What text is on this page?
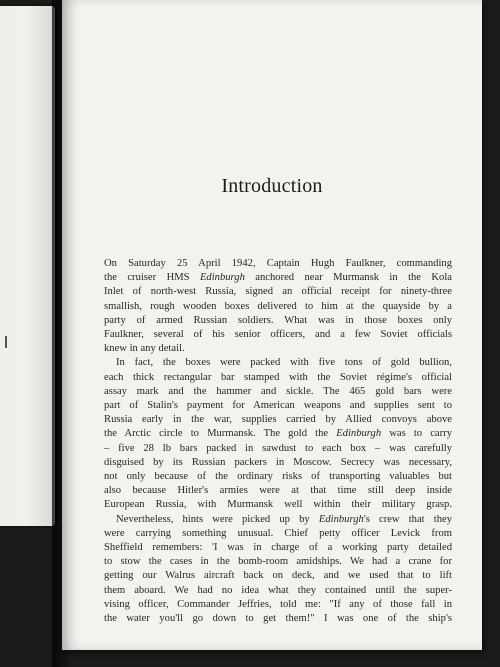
Introduction
On Saturday 25 April 1942, Captain Hugh Faulkner, commanding
the cruiser HMS Edinburgh anchored near Murmansk in the Kola
Inlet of north-west Russia, signed an official receipt for ninety-three
smallish, rough wooden boxes delivered to him at the quayside by a
party of armed Russian soldiers. What was in those boxes only
Faulkner, several of his senior officers, and a few Soviet officials
knew in any detail.
In fact, the boxes were packed with five tons of gold bullion,
each thick rectangular bar stamped with the Soviet régime's official
assay mark and the hammer and sickle. The 465 gold bars were
part of Stalin's payment for American weapons and supplies sent to
Russia early in the war, supplies carried by Allied convoys above
the Arctic circle to Murmansk. The gold the Edinburgh was to carry
– five 28 lb bars packed in sawdust to each box – was carefully
disguised by its Russian packers in Moscow. Secrecy was necessary,
not only because of the ordinary risks of transporting valuables but
also because Hitler's armies were at that time still deep inside
European Russia, with Murmansk well within their military grasp.
Nevertheless, hints were picked up by Edinburgh's crew that they
were carrying something unusual. Chief petty officer Levick from
Sheffield remembers: 'I was in charge of a working party detailed
to stow the cases in the bomb-room amidships. We had a crane for
getting our Walrus aircraft back on deck, and we used that to lift
them aboard. We had no idea what they contained until the super-
vising officer, Commander Jeffries, told me: "If any of those fall in
the water you'll go down to get them!" I was one of the ship's
